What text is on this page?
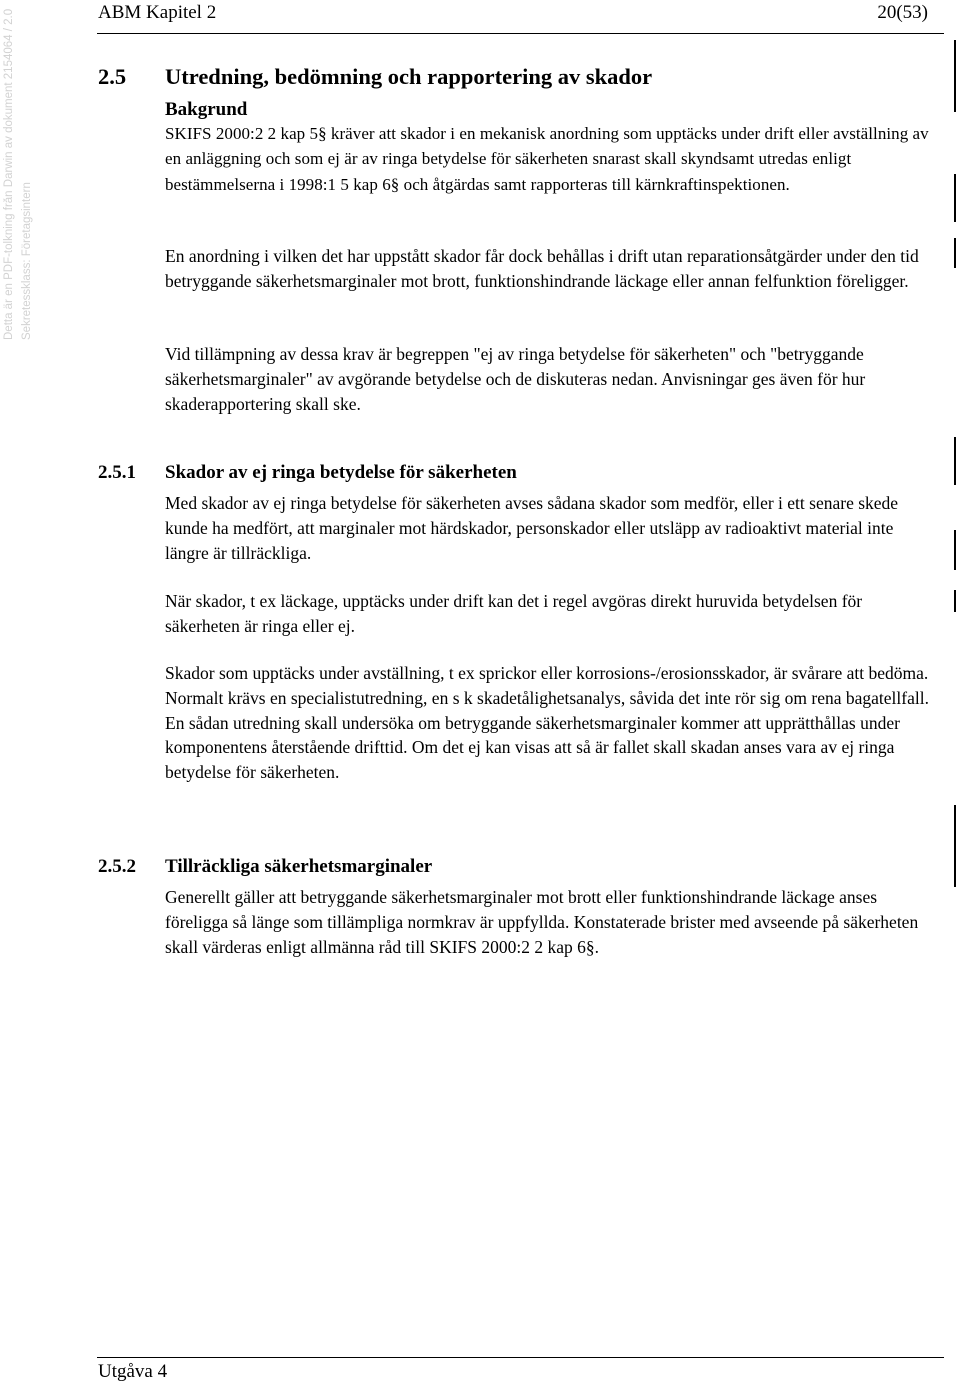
ABM Kapitel 2	20(53)
Detta är en PDF-tolkning från Darwin av dokument 2154064 / 2.0 Sekretessklass: Företagsintern
2.5 Utredning, bedömning och rapportering av skador
Bakgrund

SKIFS 2000:2 2 kap 5§ kräver att skador i en mekanisk anordning som upptäcks under drift eller avställning av en anläggning och som ej är av ringa betydelse för säkerheten snarast skall skyndsamt utredas enligt bestämmelserna i 1998:1 5 kap 6§ och åtgärdas samt rapporteras till kärnkraftinspektionen.

En anordning i vilken det har uppstått skador får dock behållas i drift utan reparationsåtgärder under den tid betryggande säkerhetsmarginaler mot brott, funktionshindrande läckage eller annan felfunktion föreligger.

Vid tillämpning av dessa krav är begreppen "ej av ringa betydelse för säkerheten" och "betryggande säkerhetsmarginaler" av avgörande betydelse och de diskuteras nedan. Anvisningar ges även för hur skaderapportering skall ske.

2.5.1 Skador av ej ringa betydelse för säkerheten

Med skador av ej ringa betydelse för säkerheten avses sådana skador som medför, eller i ett senare skede kunde ha medfört, att marginaler mot härdskador, personskador eller utsläpp av radioaktivt material inte längre är tillräckliga.

När skador, t ex läckage, upptäcks under drift kan det i regel avgöras direkt huruvida betydelsen för säkerheten är ringa eller ej.

Skador som upptäcks under avställning, t ex sprickor eller korrosions-/erosionsskador, är svårare att bedöma. Normalt krävs en specialistutredning, en s k skadetålighetsanalys, såvida det inte rör sig om rena bagatellfall. En sådan utredning skall undersöka om betryggande säkerhetsmarginaler kommer att upprätthållas under komponentens återstående drifttid. Om det ej kan visas att så är fallet skall skadan anses vara av ej ringa betydelse för säkerheten.

2.5.2 Tillräckliga säkerhetsmarginaler

Generellt gäller att betryggande säkerhetsmarginaler mot brott eller funktionshindrande läckage anses föreligga så länge som tillämpliga normkrav är uppfyllda. Konstaterade brister med avseende på säkerheten skall värderas enligt allmänna råd till SKIFS 2000:2 2 kap 6§.

Utgåva 4
